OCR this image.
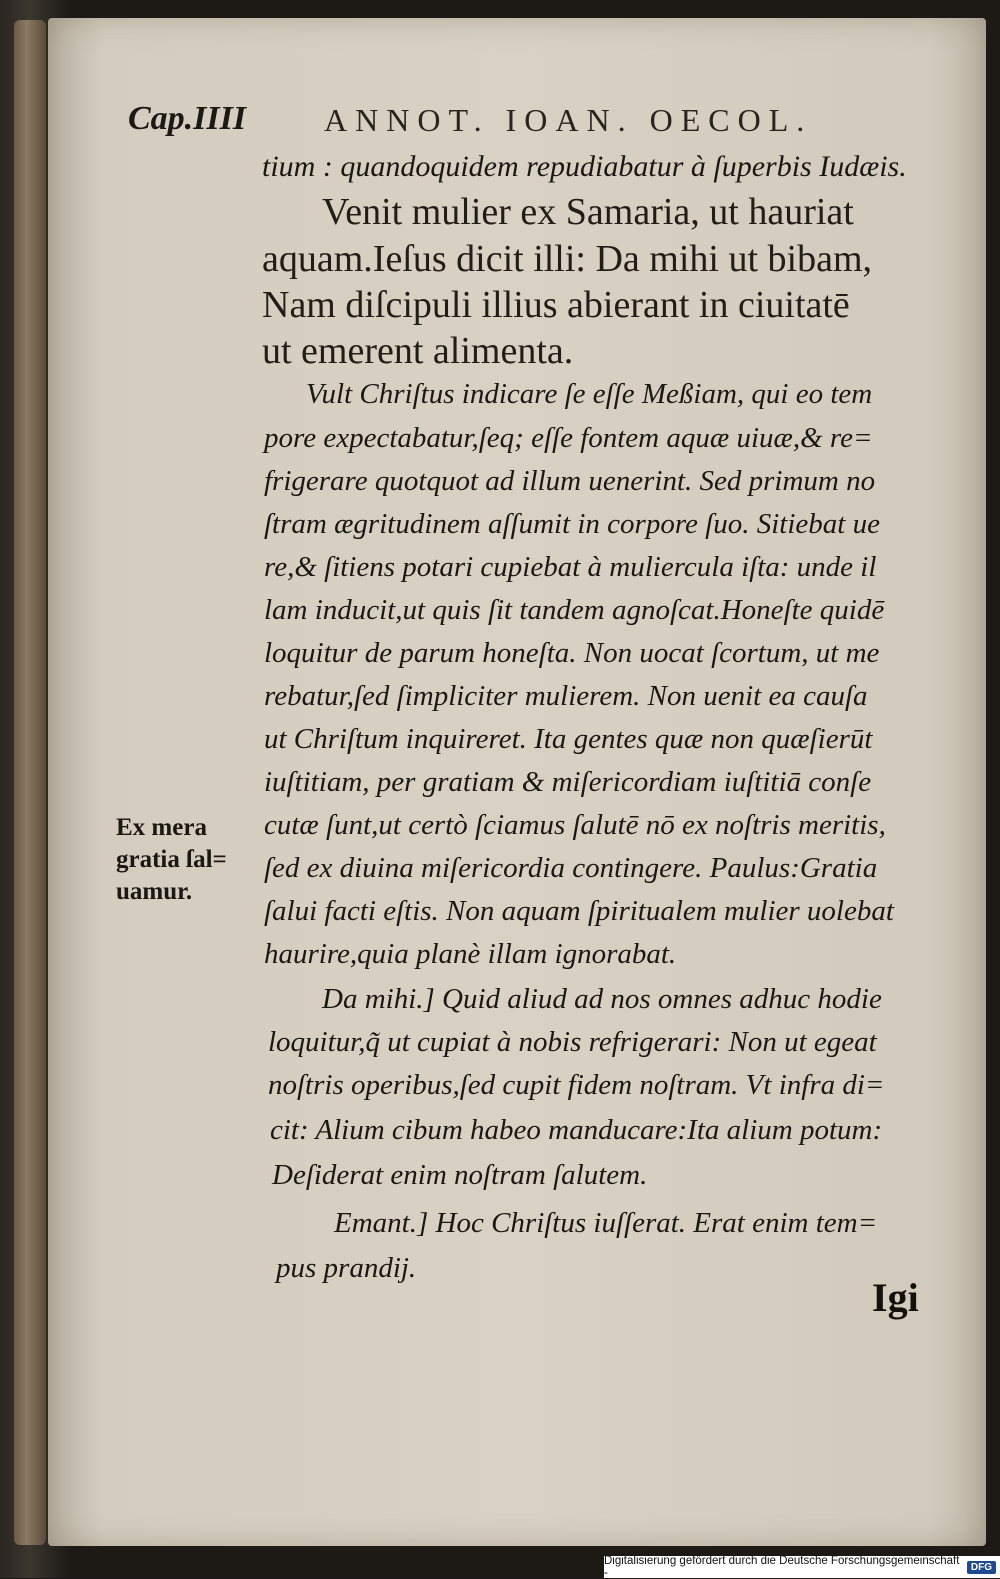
Cap.IIII ANNOT. IOAN. OECOL.
tium : quandoquidem repudiabatur à ſuperbis Iudæis.
Venit mulier ex Samaria, ut hauriat
aquam.Ieſus dicit illi: Da mihi ut bibam,
Nam diſcipuli illius abierant in ciuitatē
ut emerent alimenta.
Vult Chriſtus indicare ſe eſſe Meßiam, qui eo tem
pore expectabatur,ſeq; eſſe fontem aquæ uiuæ,& re=
frigerare quotquot ad illum uenerint. Sed primum no
ſtram ægritudinem aſſumit in corpore ſuo. Sitiebat ue
re,& ſitiens potari cupiebat à muliercula iſta: unde il
lam inducit,ut quis ſit tandem agnoſcat.Honeſte quidē
loquitur de parum honeſta. Non uocat ſcortum, ut me
rebatur,ſed ſimpliciter mulierem. Non uenit ea cauſa
ut Chriſtum inquireret. Ita gentes quæ non quæſierūt
iuſtitiam, per gratiam & miſericordiam iuſtitiā conſe
cutæ ſunt,ut certò ſciamus ſalutē nō ex noſtris meritis,
ſed ex diuina miſericordia contingere. Paulus:Gratia
ſalui facti eſtis. Non aquam ſpiritualem mulier uolebat
haurire,quia planè illam ignorabat.
Da mihi.] Quid aliud ad nos omnes adhuc hodie
loquitur,q̃ ut cupiat à nobis refrigerari: Non ut egeat
noſtris operibus,ſed cupit fidem noſtram. Vt infra di=
cit: Alium cibum habeo manducare:Ita alium potum:
Deſiderat enim noſtram ſalutem.
Emant.] Hoc Chriſtus iuſſerat. Erat enim tem=
pus prandij.
Ex mera
gratia ſal=
uamur.
Igi
Digitalisierung gefördert durch die Deutsche Forschungsgemeinschaft -	DFG
